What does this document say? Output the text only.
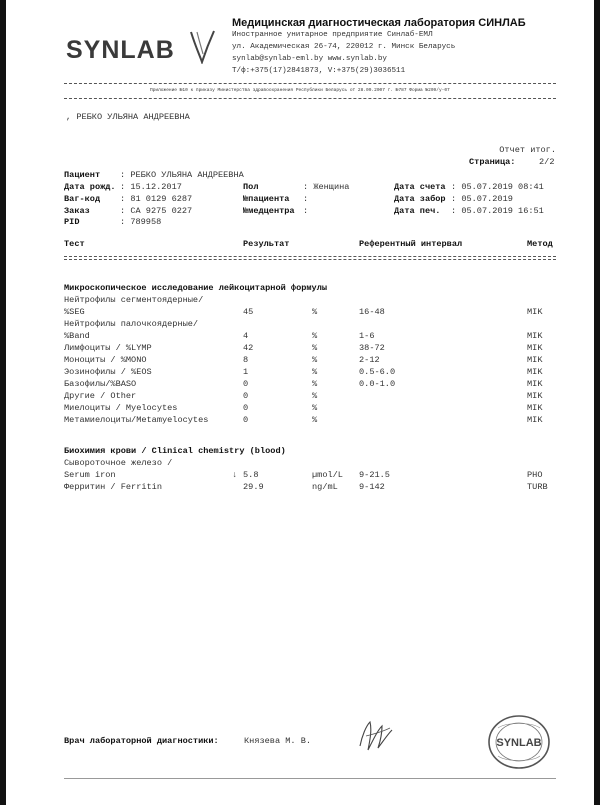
SYNLAB
Медицинская диагностическая лаборатория СИНЛАБ
Иностранное унитарное предприятие Синлаб-ЕМЛ
ул. Академическая 26-74, 220012 г. Минск Беларусь
synlab@synlab-eml.by www.synlab.by
T/ф:+375(17)2841873, V:+375(29)3036511
Приложение №10 к приказу Министерства здравоохранения Республики Беларусь от 28.09.2007 г. №787 Форма №209/у-07
, РЕБКО УЛЬЯНА АНДРЕЕВНА
Отчет итог.
Страница:	2/2
Пациент : РЕБКО УЛЬЯНА АНДРЕЕВНА
Дата рожд. : 15.12.2017
Ваг-код : 81 0129 6287
Заказ	: СА 9275 0227
PID	: 789958
Пол	: Женщина
№пациента :
№медцентра :
Дата счета : 05.07.2019 08:41
Дата забор : 05.07.2019
Дата печ. : 05.07.2019 16:51
Тест	Результат	Референтный интервал	Метод
Микроскопическое исследование лейкоцитарной формулы
Нейтрофилы сегментоядерные/
%SEG	45	%	16-48	MIK
Нейтрофилы палочкоядерные/
%Band	4	%	1-6	MIK
Лимфоциты / %LYMP	42	%	38-72	MIK
Моноциты / %MONO	8	%	2-12	MIK
Эозинофилы / %EOS	1	%	0.5-6.0	MIK
Базофилы/%BASO	0	%	0.0-1.0	MIK
Другие / Other	0	%	MIK
Миелоциты / Myelocytes	0	%	MIK
Метамиелоциты/Metamyelocytes	0	%	MIK
Биохимия крови / Clinical chemistry (blood)
Сывороточное железо /
Serum iron	↓ 5.8	µmol/L 9-21.5	PHO
Ферритин / Ferritin	29.9	ng/mL 9-142	TURB
Врач лабораторной диагностики:	Князева М. В.	SYNLAB
